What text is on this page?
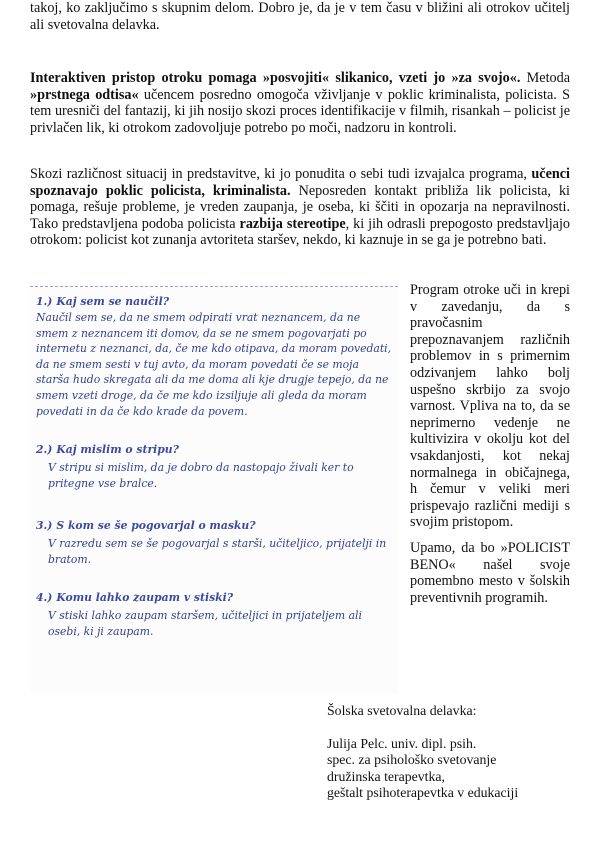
takoj, ko zaključimo s skupnim delom. Dobro je, da je v tem času v bližini ali otrokov učitelj ali svetovalna delavka.

Interaktiven pristop otroku pomaga »posvojiti« slikanico, vzeti jo »za svojo«. Metoda »prstnega odtisa« učencem posredno omogoča vživljanje v poklic kriminalista, policista. S tem uresniči del fantazij, ki jih nosijo skozi proces identifikacije v filmih, risankah – policist je privlačen lik, ki otrokom zadovoljuje potrebo po moči, nadzoru in kontroli.

Skozi različnost situacij in predstavitve, ki jo ponudita o sebi tudi izvajalca programa, učenci spoznavajo poklic policista, kriminalista. Neposreden kontakt približa lik policista, ki pomaga, rešuje probleme, je vreden zaupanja, je oseba, ki ščiti in opozarja na nepravilnosti. Tako predstavljena podoba policista razbija stereotipe, ki jih odrasli prepogosto predstavljajo otrokom: policist kot zunanja avtoriteta staršev, nekdo, ki kaznuje in se ga je potrebno bati.

1.) Kaj sem se naučil?

Naučil sem se, da ne smem odpirati vrat neznancem, da ne smem z neznancem iti domov, da se ne smem pogovarjati po internetu z neznanci, da, če me kdo otipava, da moram povedati, da ne smem sesti v tuj avto, da moram povedati če se moja starša hudo skregata ali da me doma ali kje drugje tepejo, da ne smem vzeti droge, da če me kdo izsiljuje ali gleda da moram povedati in da če kdo krade da povem.

2.) Kaj mislim o stripu?

V stripu si mislim, da je dobro da nastopajo živali ker to pritegne vse bralce.

3.) S kom se še pogovarjal o masku?

V razredu sem se še pogovarjal s starši, učiteljico, prijatelji in bratom.

4.) Komu lahko zaupam v stiski?

V stiski lahko zaupam staršem, učiteljici in prijateljem ali osebi, ki ji zaupam.

Program otroke uči in krepi v zavedanju, da s pravočasnim prepoznavanjem različnih problemov in s primernim odzivanjem lahko bolj uspešno skrbijo za svojo varnost. Vpliva na to, da se neprimerno vedenje ne kultivizira v okolju kot del vsakdanjosti, kot nekaj normalnega in običajnega, h čemur v veliki meri prispevajo različni mediji s svojim pristopom.

Upamo, da bo »POLICIST BENO« našel svoje pomembno mesto v šolskih preventivnih programih.

Šolska svetovalna delavka:

Julija Pelc. univ. dipl. psih.
spec. za psihološko svetovanje
družinska terapevtka,
geštalt psihoterapevtka v edukaciji
